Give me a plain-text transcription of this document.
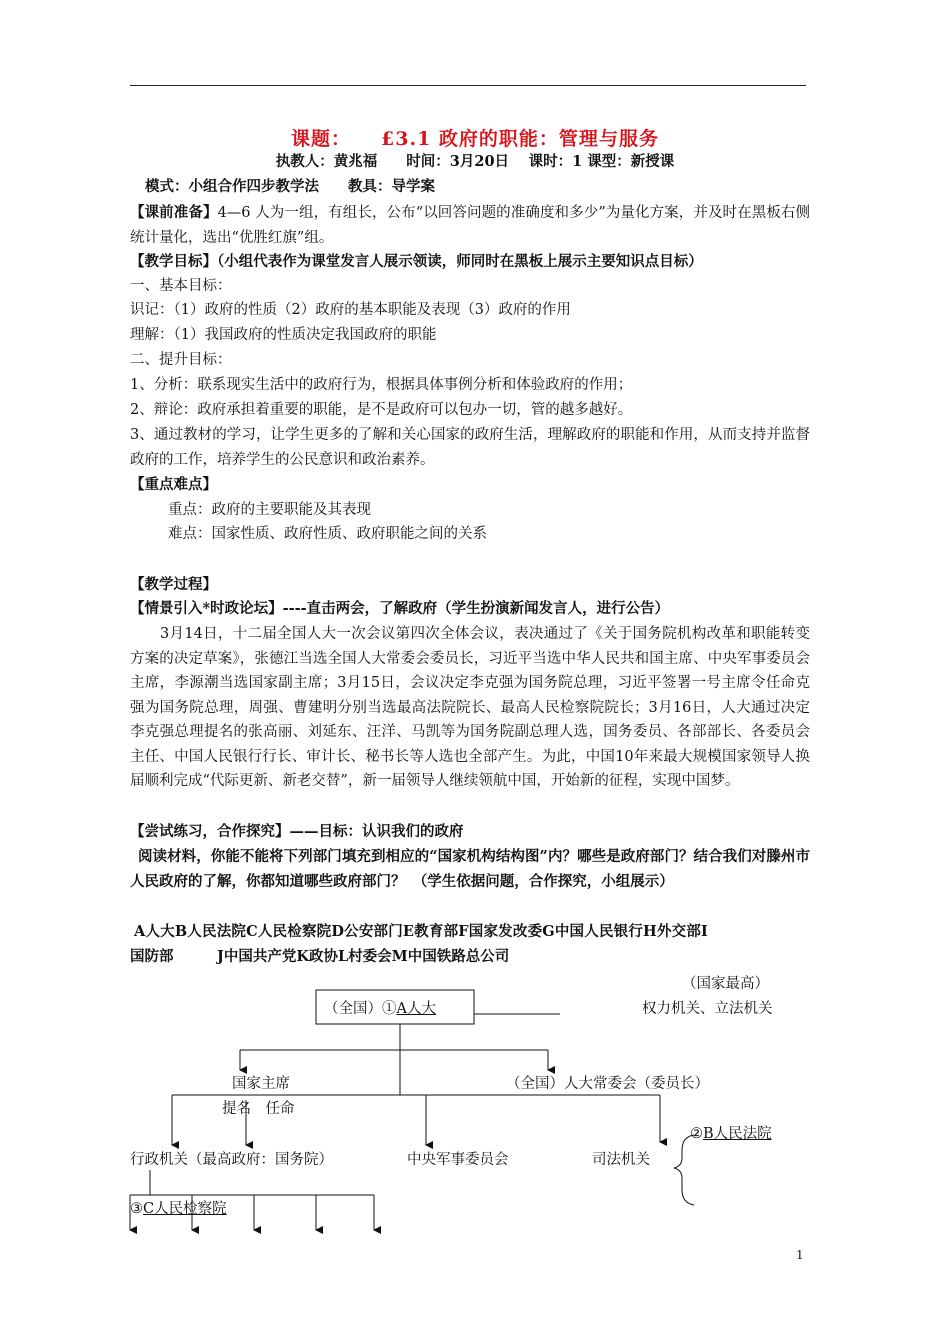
课题： £3.1 政府的职能：管理与服务
执教人：黄兆福　　时间：3月20日　 课时：1 课型：新授课
模式：小组合作四步教学法　　教具：导学案
【课前准备】4—6 人为一组，有组长，公布“以回答问题的准确度和多少”为量化方案，并及时在黑板右侧统计量化，选出“优胜红旗”组。
【教学目标】（小组代表作为课堂发言人展示领读，师同时在黑板上展示主要知识点目标）
一、基本目标：
识记：（1）政府的性质（2）政府的基本职能及表现（3）政府的作用
理解：（1）我国政府的性质决定我国政府的职能
二、提升目标：
1、分析：联系现实生活中的政府行为，根据具体事例分析和体验政府的作用；
2、辩论：政府承担着重要的职能，是不是政府可以包办一切，管的越多越好。
3、通过教材的学习，让学生更多的了解和关心国家的政府生活，理解政府的职能和作用，从而支持并监督政府的工作，培养学生的公民意识和政治素养。
【重点难点】
重点：政府的主要职能及其表现
难点：国家性质、政府性质、政府职能之间的关系
【教学过程】
【情景引入*时政论坛】----直击两会，了解政府（学生扮演新闻发言人，进行公告）
3月14日，十二届全国人大一次会议第四次全体会议，表决通过了《关于国务院机构改革和职能转变方案的决定草案》，张德江当选全国人大常委会委员长，习近平当选中华人民共和国主席、中央军事委员会主席，李源潮当选国家副主席；3月15日，会议决定李克强为国务院总理，习近平签署一号主席令任命克强为国务院总理，周强、曹建明分别当选最高法院院长、最高人民检察院院长；3月16日，人大通过决定李克强总理提名的张高丽、刘延东、汪洋、马凯等为国务院副总理人选，国务委员、各部部长、各委员会主任、中国人民银行行长、审计长、秘书长等人选也全部产生。为此，中国10年来最大规模国家领导人换届顺利完成“代际更新、新老交替”，新一届领导人继续领航中国，开始新的征程，实现中国梦。
【尝试练习，合作探究】——目标：认识我们的政府
阅读材料，你能不能将下列部门填充到相应的“国家机构结构图”内？哪些是政府部门？结合我们对滕州市人民政府的了解，你都知道哪些政府部门？　（学生依据问题，合作探究，小组展示）
A人大B人民法院C人民检察院D公安部门E教育部F国家发改委G中国人民银行H外交部I
国防部　　　J中国共产党K政协L村委会M中国铁路总公司
（国家最高）
权力机关、立法机关
（全国）①A人大
国家主席	（全国）人大常委会（委员长）
提名　任命
行政机关（最高政府：国务院）	中央军事委员会	司法机关
②B人民法院
③C人民检察院
1
